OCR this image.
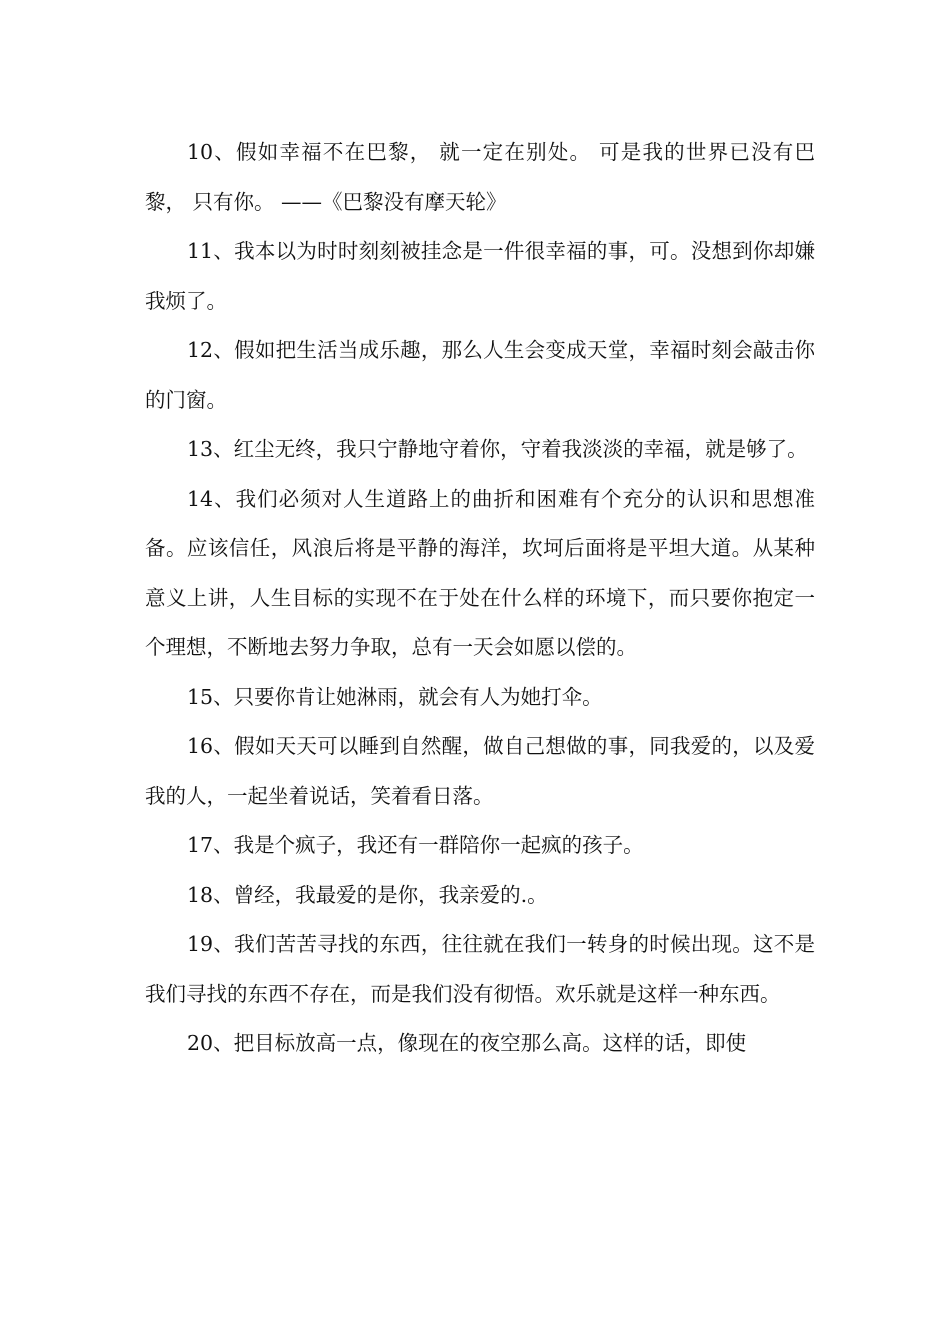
10、假如幸福不在巴黎， 就一定在别处。 可是我的世界已没有巴黎， 只有你。 ——《巴黎没有摩天轮》

11、我本以为时时刻刻被挂念是一件很幸福的事，可。没想到你却嫌我烦了。

12、假如把生活当成乐趣，那么人生会变成天堂，幸福时刻会敲击你的门窗。

13、红尘无终，我只宁静地守着你，守着我淡淡的幸福，就是够了。

14、我们必须对人生道路上的曲折和困难有个充分的认识和思想准备。应该信任，风浪后将是平静的海洋，坎坷后面将是平坦大道。从某种意义上讲，人生目标的实现不在于处在什么样的环境下，而只要你抱定一个理想，不断地去努力争取，总有一天会如愿以偿的。

15、只要你肯让她淋雨，就会有人为她打伞。

16、假如天天可以睡到自然醒，做自己想做的事，同我爱的，以及爱我的人，一起坐着说话，笑着看日落。

17、我是个疯子，我还有一群陪你一起疯的孩子。

18、曾经，我最爱的是你，我亲爱的.。

19、我们苦苦寻找的东西，往往就在我们一转身的时候出现。这不是我们寻找的东西不存在，而是我们没有彻悟。欢乐就是这样一种东西。

20、把目标放高一点，像现在的夜空那么高。这样的话，即使
